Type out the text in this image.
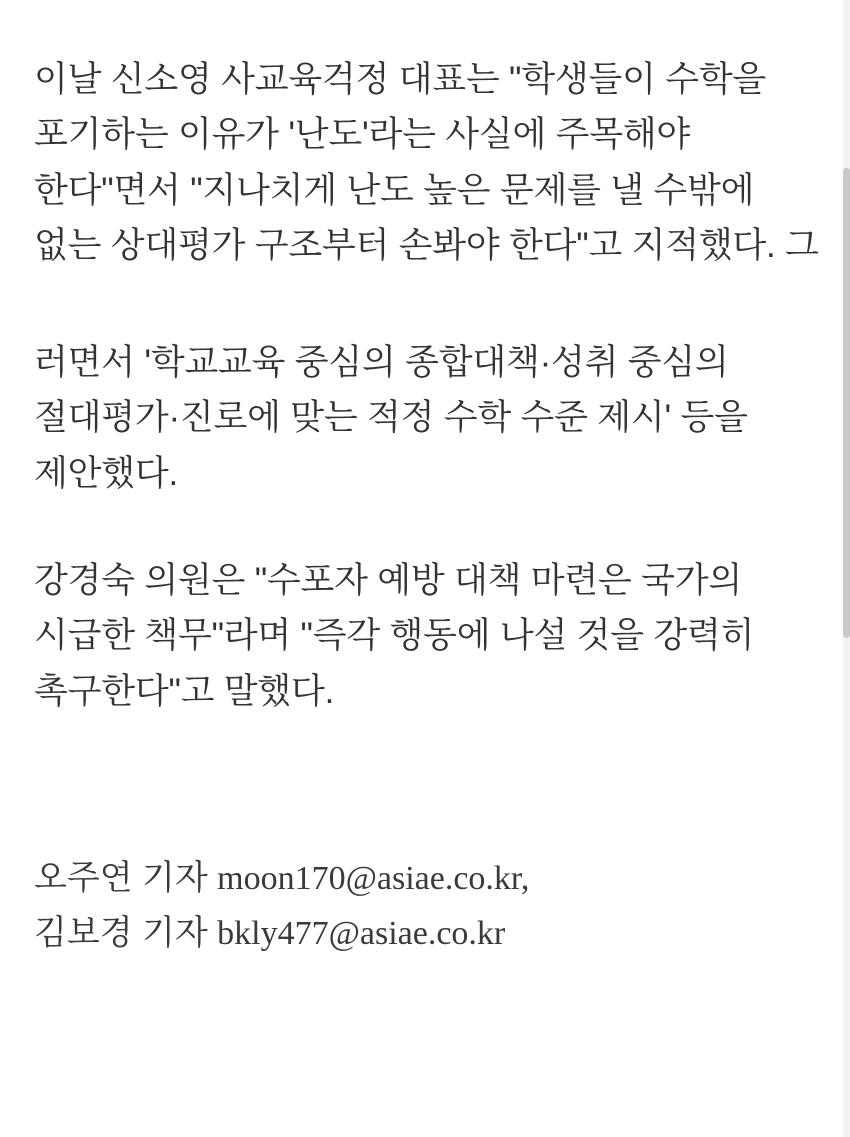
이날 신소영 사교육걱정 대표는 "학생들이 수학을 포기하는 이유가 '난도'라는 사실에 주목해야 한다"면서 "지나치게 난도 높은 문제를 낼 수밖에 없는 상대평가 구조부터 손봐야 한다"고 지적했다. 그

러면서 '학교교육 중심의 종합대책·성취 중심의 절대평가·진로에 맞는 적정 수학 수준 제시' 등을 제안했다.

강경숙 의원은 "수포자 예방 대책 마련은 국가의 시급한 책무"라며 "즉각 행동에 나설 것을 강력히 촉구한다"고 말했다.

오주연 기자 moon170@asiae.co.kr,

김보경 기자 bkly477@asiae.co.kr
